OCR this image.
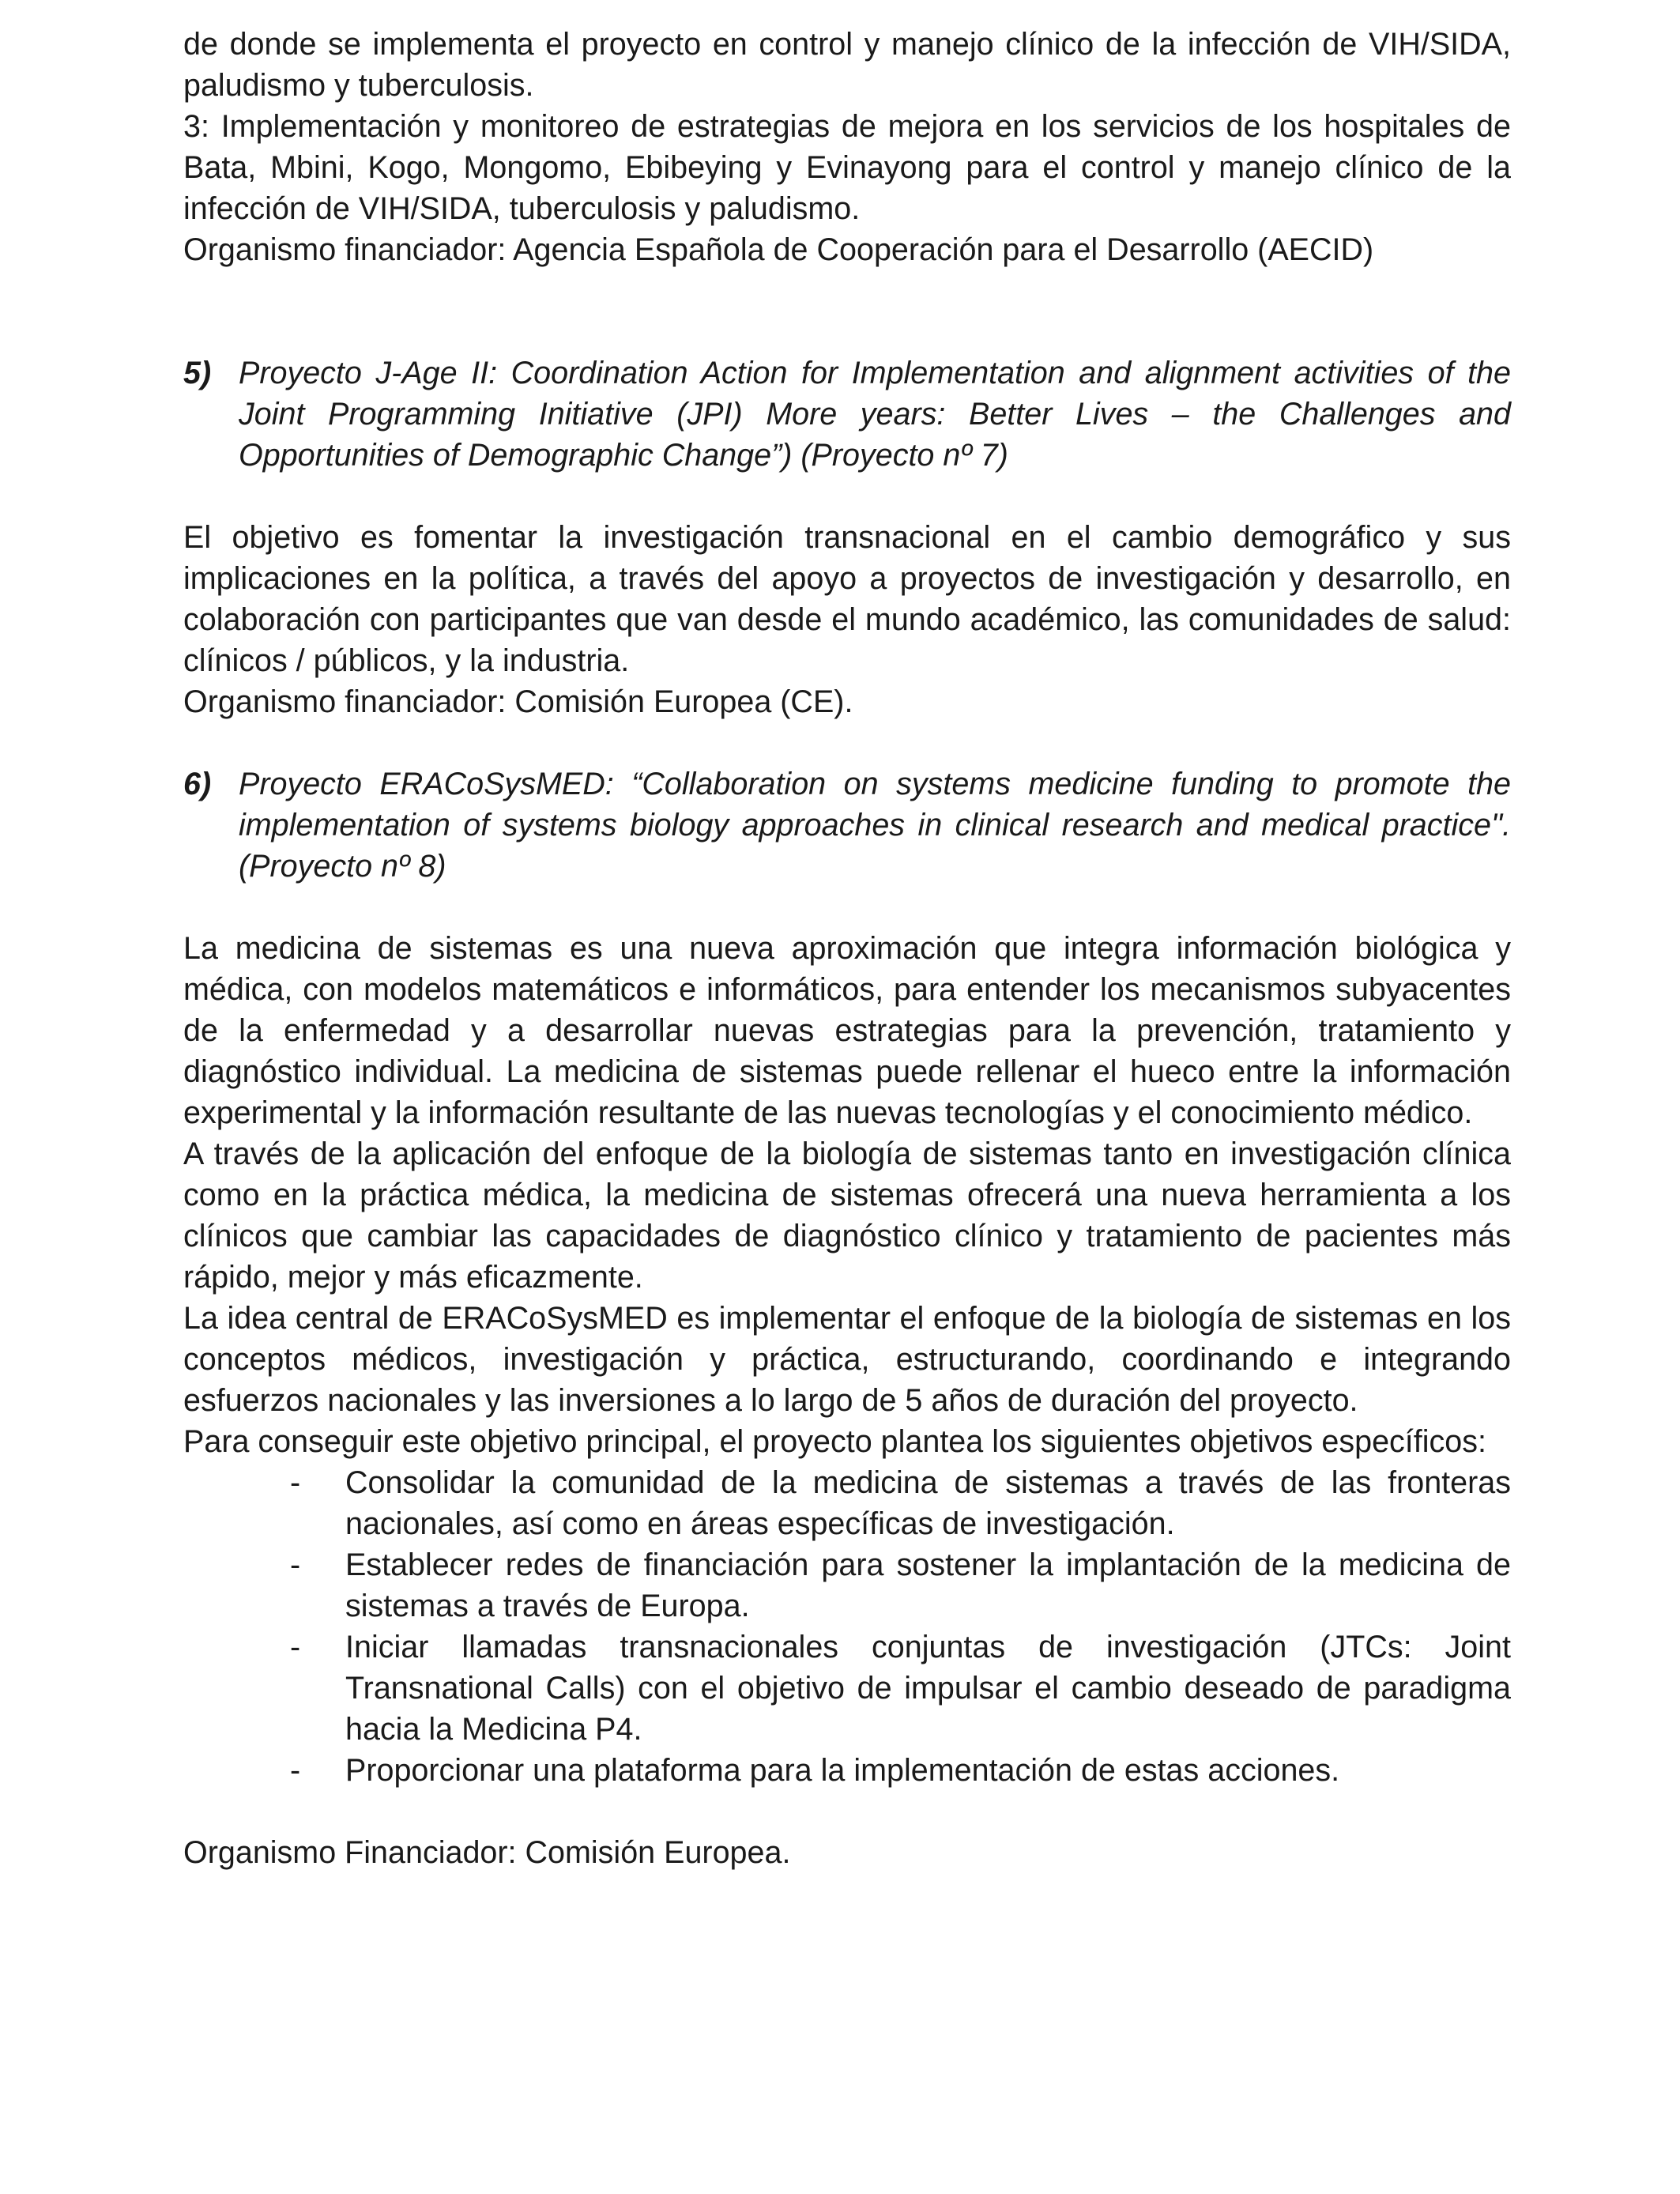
de donde se implementa el proyecto en control y manejo clínico de la infección de VIH/SIDA, paludismo y tuberculosis.

3: Implementación y monitoreo de estrategias de mejora en los servicios de los hospitales de Bata, Mbini, Kogo, Mongomo, Ebibeying y Evinayong para el control y manejo clínico de la infección de VIH/SIDA, tuberculosis y paludismo.

Organismo financiador: Agencia Española de Cooperación para el Desarrollo (AECID)

5) Proyecto J-Age II: Coordination Action for Implementation and alignment activities of the Joint Programming Initiative (JPI) More years: Better Lives – the Challenges and Opportunities of Demographic Change”) (Proyecto nº 7)

El objetivo es fomentar la investigación transnacional en el cambio demográfico y sus implicaciones en la política, a través del apoyo a proyectos de investigación y desarrollo, en colaboración con participantes que van desde el mundo académico, las comunidades de salud: clínicos / públicos, y la industria.

Organismo financiador: Comisión Europea (CE).

6) Proyecto ERACoSysMED: “Collaboration on systems medicine funding to promote the implementation of systems biology approaches in clinical research and medical practice". (Proyecto nº 8)

La medicina de sistemas es una nueva aproximación que integra información biológica y médica, con modelos matemáticos e informáticos, para entender los mecanismos subyacentes de la enfermedad y a desarrollar nuevas estrategias para la prevención, tratamiento y diagnóstico individual. La medicina de sistemas puede rellenar el hueco entre la información experimental y la información resultante de las nuevas tecnologías y el conocimiento médico.

A través de la aplicación del enfoque de la biología de sistemas tanto en investigación clínica como en la práctica médica, la medicina de sistemas ofrecerá una nueva herramienta a los clínicos que cambiar las capacidades de diagnóstico clínico y tratamiento de pacientes más rápido, mejor y más eficazmente.

La idea central de ERACoSysMED es implementar el enfoque de la biología de sistemas en los conceptos médicos, investigación y práctica, estructurando, coordinando e integrando esfuerzos nacionales y las inversiones a lo largo de 5 años de duración del proyecto.

Para conseguir este objetivo principal, el proyecto plantea los siguientes objetivos específicos:

-	Consolidar la comunidad de la medicina de sistemas a través de las fronteras nacionales, así como en áreas específicas de investigación.
-	Establecer redes de financiación para sostener la implantación de la medicina de sistemas a través de Europa.
-	Iniciar llamadas transnacionales conjuntas de investigación (JTCs: Joint Transnational Calls) con el objetivo de impulsar el cambio deseado de paradigma hacia la Medicina P4.
-	Proporcionar una plataforma para la implementación de estas acciones.

Organismo Financiador: Comisión Europea.
